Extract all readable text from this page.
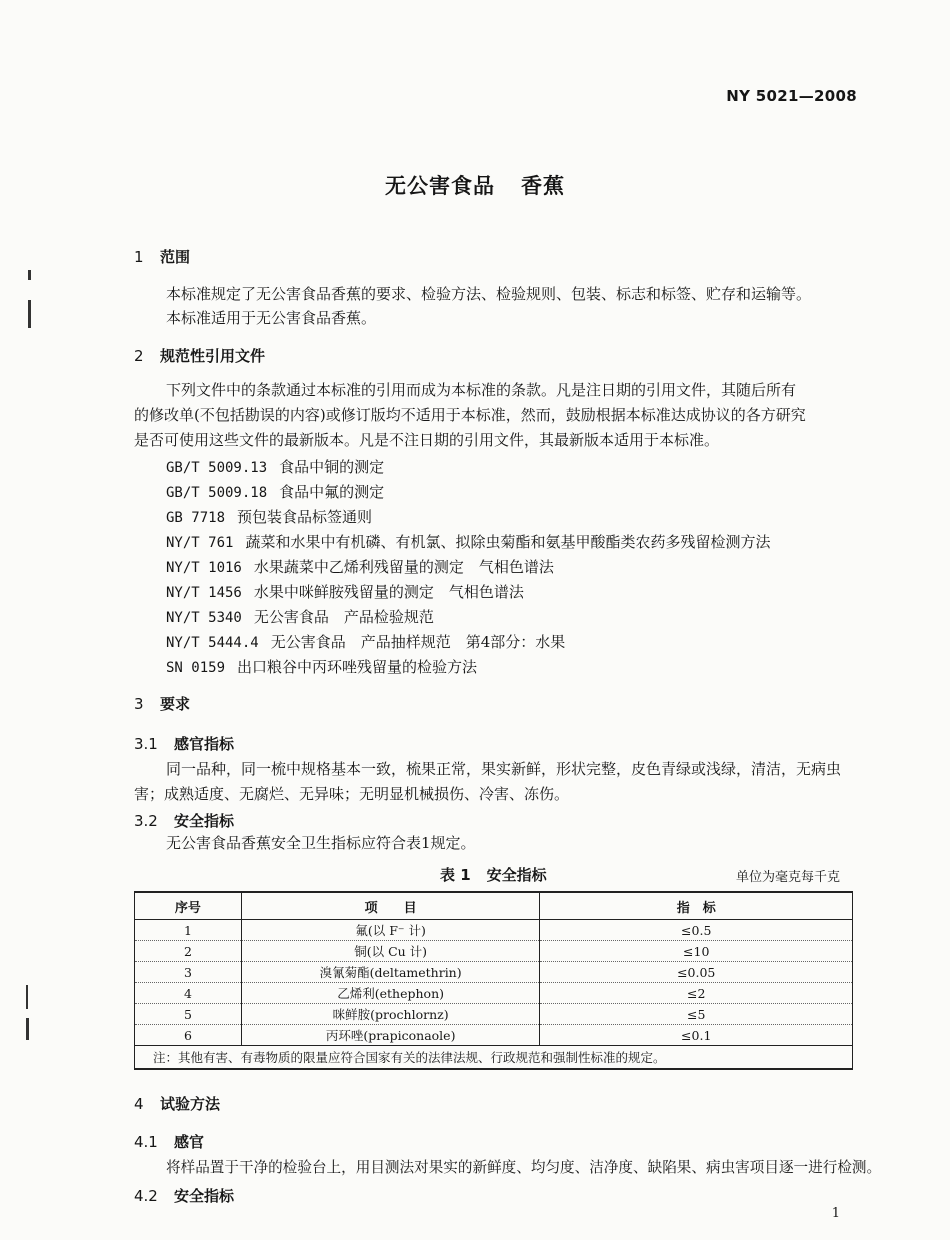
NY 5021—2008
无公害食品 香蕉
1 范围
本标准规定了无公害食品香蕉的要求、检验方法、检验规则、包装、标志和标签、贮存和运输等。
本标准适用于无公害食品香蕉。
2 规范性引用文件
下列文件中的条款通过本标准的引用而成为本标准的条款。凡是注日期的引用文件，其随后所有
的修改单(不包括勘误的内容)或修订版均不适用于本标准，然而，鼓励根据本标准达成协议的各方研究
是否可使用这些文件的最新版本。凡是不注日期的引用文件，其最新版本适用于本标准。
GB/T 5009.13 食品中铜的测定
GB/T 5009.18 食品中氟的测定
GB 7718 预包装食品标签通则
NY/T 761 蔬菜和水果中有机磷、有机氯、拟除虫菊酯和氨基甲酸酯类农药多残留检测方法
NY/T 1016 水果蔬菜中乙烯利残留量的测定　气相色谱法
NY/T 1456 水果中咪鲜胺残留量的测定　气相色谱法
NY/T 5340 无公害食品　产品检验规范
NY/T 5444.4 无公害食品　产品抽样规范　第4部分：水果
SN 0159 出口粮谷中丙环唑残留量的检验方法
3 要求
3.1 感官指标
同一品种，同一梳中规格基本一致，梳果正常，果实新鲜，形状完整，皮色青绿或浅绿，清洁，无病虫
害；成熟适度、无腐烂、无异味；无明显机械损伤、冷害、冻伤。
3.2 安全指标
无公害食品香蕉安全卫生指标应符合表1规定。
表 1 安全指标	单位为毫克每千克
序号	项　　目	指　标
1	氟(以 F⁻ 计)	≤0.5
2	铜(以 Cu 计)	≤10
3	溴氰菊酯(deltamethrin)	≤0.05
4	乙烯利(ethephon)	≤2
5	咪鲜胺(prochlornz)	≤5
6	丙环唑(prapiconaole)	≤0.1
注：其他有害、有毒物质的限量应符合国家有关的法律法规、行政规范和强制性标准的规定。		
4 试验方法
4.1 感官
将样品置于干净的检验台上，用目测法对果实的新鲜度、均匀度、洁净度、缺陷果、病虫害项目逐一进行检测。
4.2 安全指标
1
